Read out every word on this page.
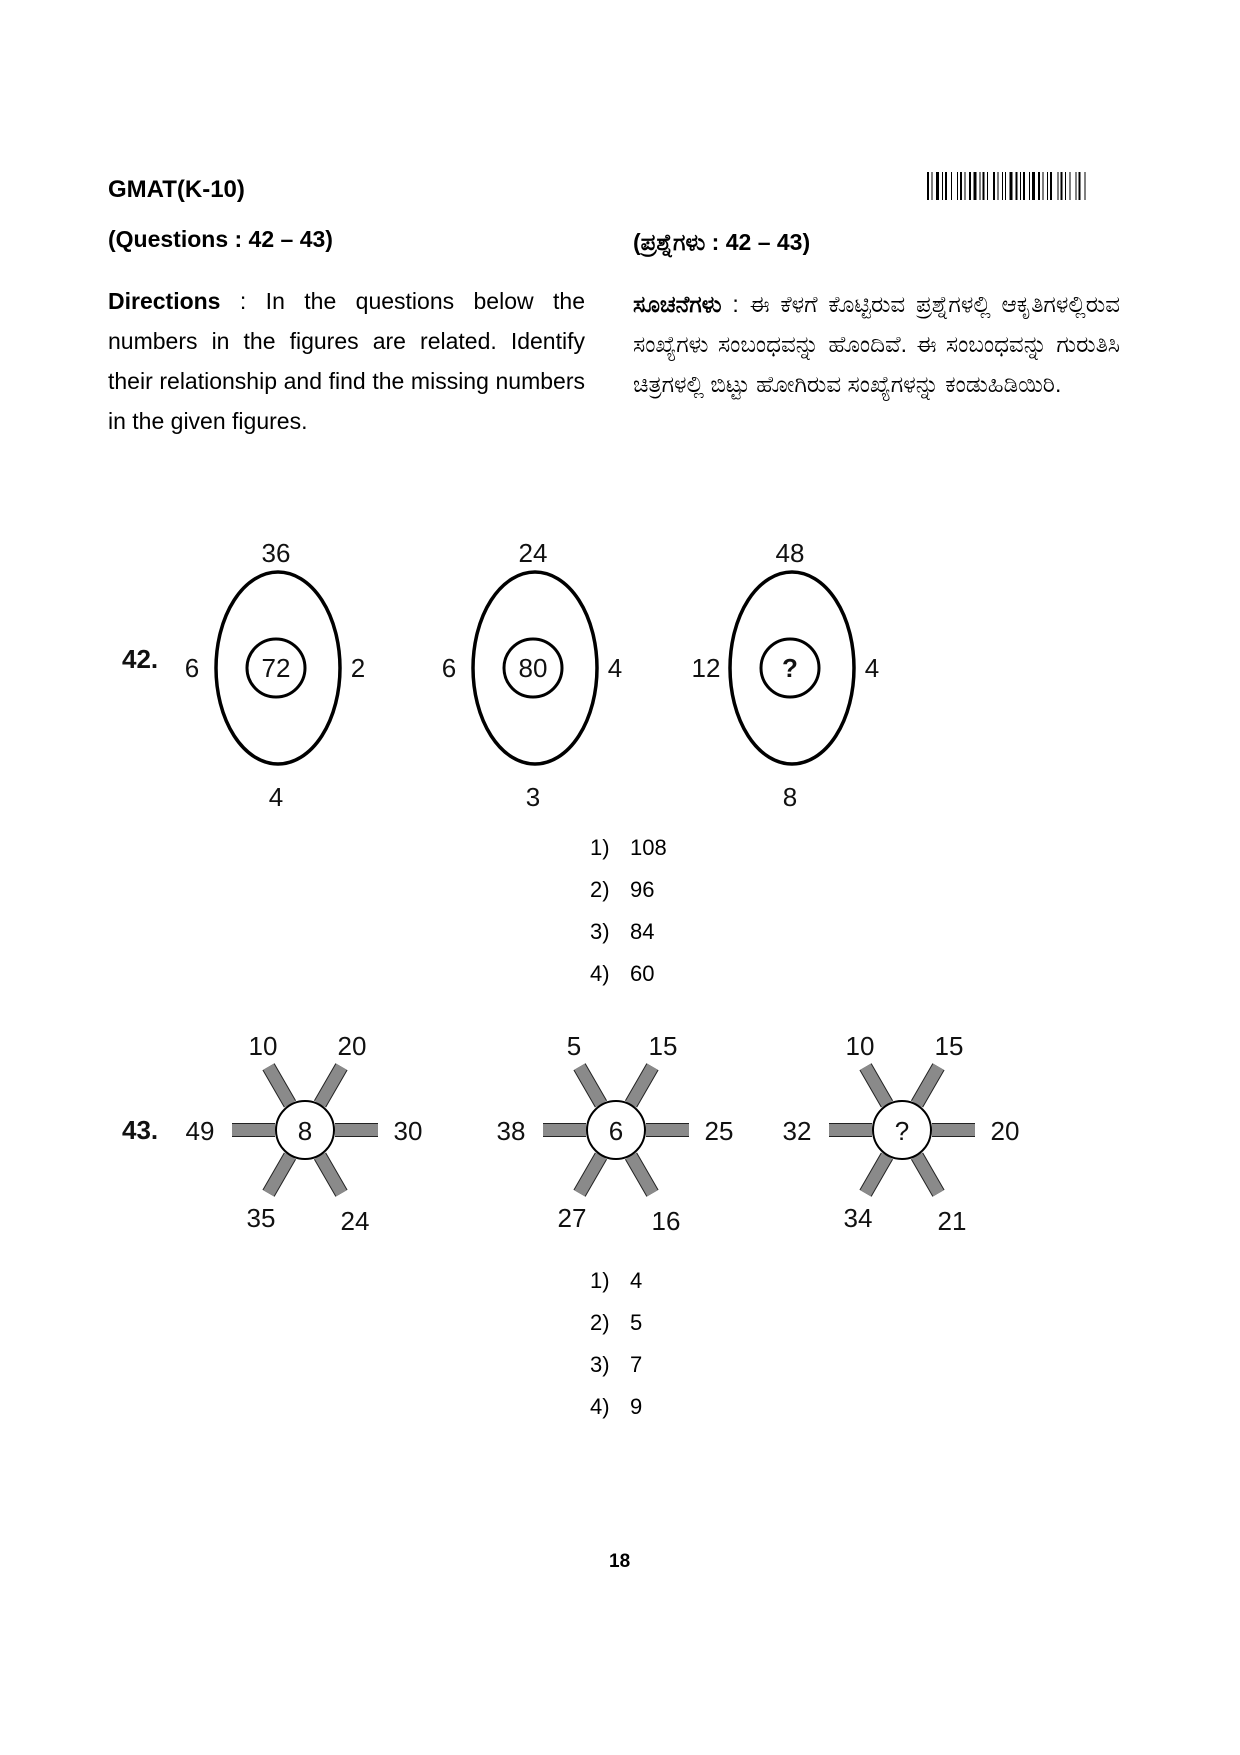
GMAT(K-10)
(Questions : 42 – 43)	(ಪ್ರಶ್ನೆಗಳು : 42 – 43)
Directions : In the questions below the numbers in the figures are related. Identify their relationship and find the missing numbers in the given figures.
ಸೂಚನೆಗಳು : ಈ ಕೆಳಗೆ ಕೊಟ್ಟಿರುವ ಪ್ರಶ್ನೆಗಳಲ್ಲಿ ಆಕೃತಿಗಳಲ್ಲಿರುವ ಸಂಖ್ಯೆಗಳು ಸಂಬಂಧವನ್ನು ಹೊಂದಿವೆ. ಈ ಸಂಬಂಧವನ್ನು ಗುರುತಿಸಿ ಚಿತ್ರಗಳಲ್ಲಿ ಬಿಟ್ಟು ಹೋಗಿರುವ ಸಂಖ್ಯೆಗಳನ್ನು ಕಂಡುಹಿಡಿಯಿರಿ.
42.	72
36
4
6	2	80
24
3
6	4	?
48
8
12	4
1) 108
2) 96
3) 84
4) 60
43.	8
10 20
49	30
35	24
6
5	15
38	25
27	16
?
10 15
32	20
34	21
1) 4
2) 5
3) 7
4) 9
18
